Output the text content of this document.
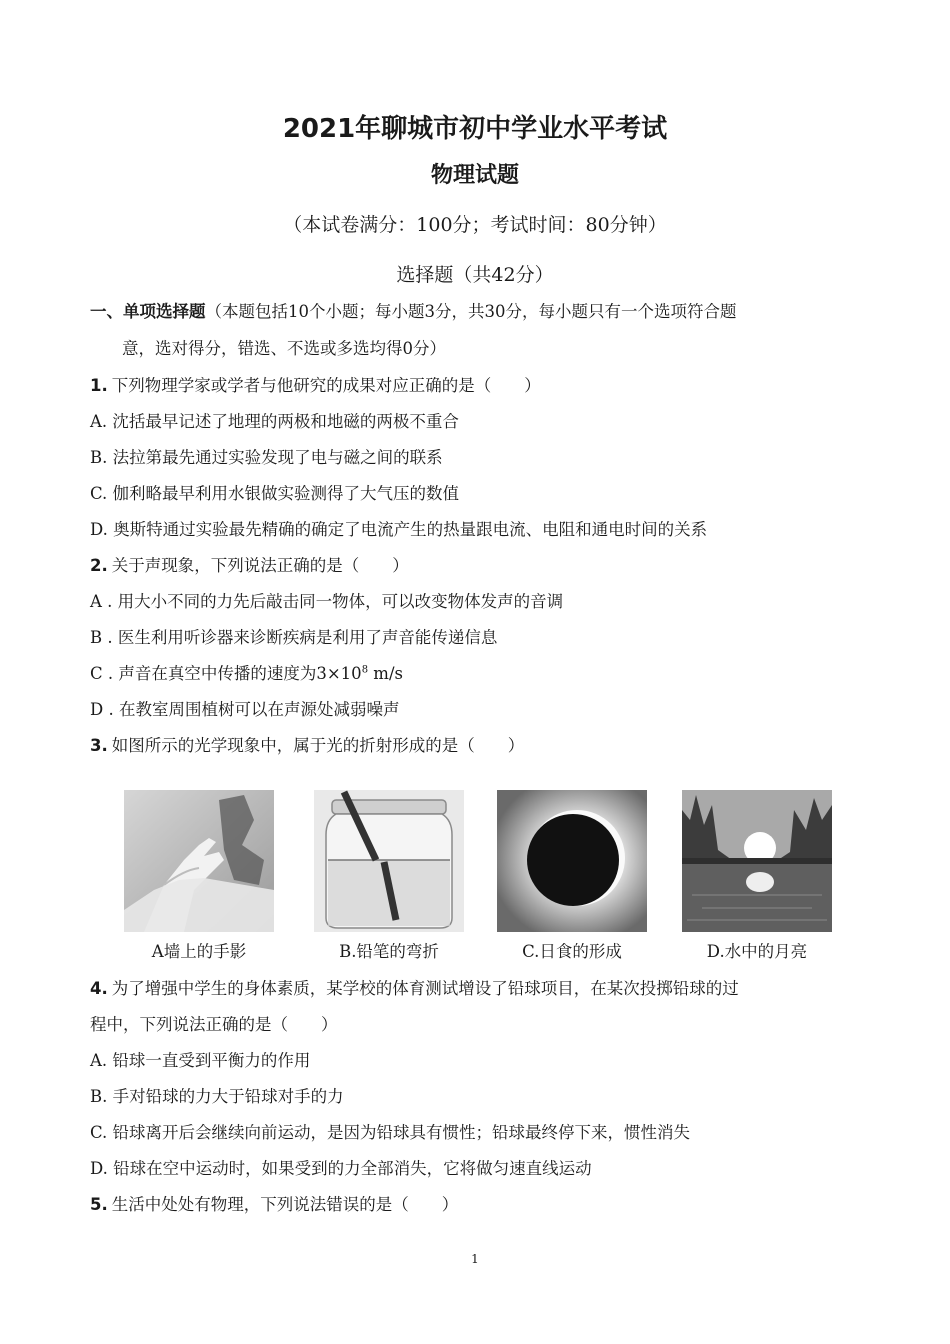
2021年聊城市初中学业水平考试
物理试题
（本试卷满分：100分；考试时间：80分钟）
选择题（共42分）
一、单项选择题（本题包括10个小题；每小题3分，共30分，每小题只有一个选项符合题
意，选对得分，错选、不选或多选均得0分）
1. 下列物理学家或学者与他研究的成果对应正确的是（　　）
A. 沈括最早记述了地理的两极和地磁的两极不重合
B. 法拉第最先通过实验发现了电与磁之间的联系
C. 伽利略最早利用水银做实验测得了大气压的数值
D. 奥斯特通过实验最先精确的确定了电流产生的热量跟电流、电阻和通电时间的关系
2. 关于声现象，下列说法正确的是（　　）
A . 用大小不同的力先后敲击同一物体，可以改变物体发声的音调
B . 医生利用听诊器来诊断疾病是利用了声音能传递信息
C . 声音在真空中传播的速度为$3\times 10^8$ m/s
D . 在教室周围植树可以在声源处减弱噪声
3. 如图所示的光学现象中，属于光的折射形成的是（　　）
A墙上的手影	B.铅笔的弯折	C.日食的形成	D.水中的月亮
4. 为了增强中学生的身体素质，某学校的体育测试增设了铅球项目，在某次投掷铅球的过
程中，下列说法正确的是（　　）
A. 铅球一直受到平衡力的作用
B. 手对铅球的力大于铅球对手的力
C. 铅球离开后会继续向前运动，是因为铅球具有惯性；铅球最终停下来，惯性消失
D. 铅球在空中运动时，如果受到的力全部消失，它将做匀速直线运动
5. 生活中处处有物理，下列说法错误的是（　　）
1
